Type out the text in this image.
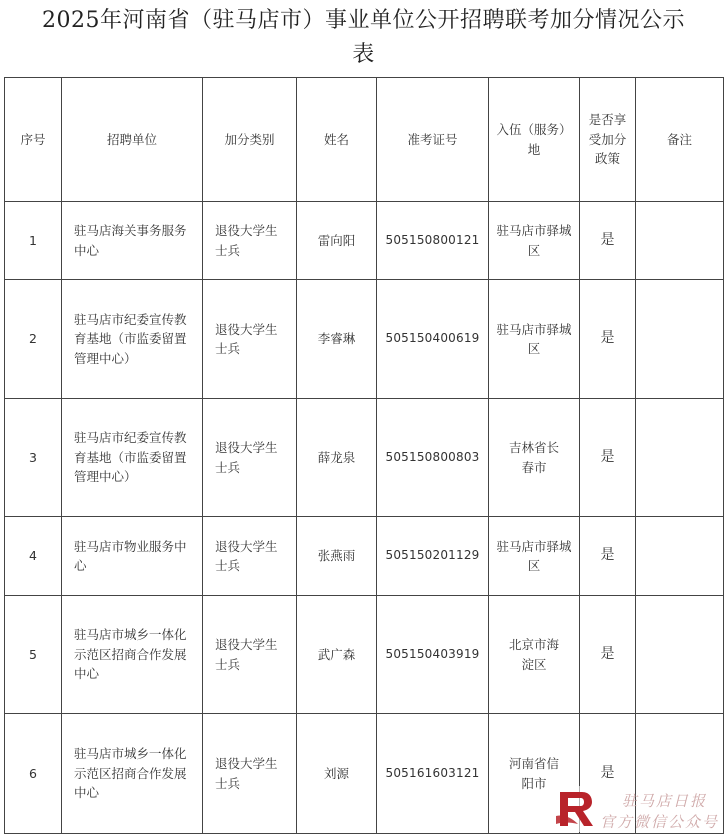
2025年河南省（驻马店市）事业单位公开招聘联考加分情况公示
表
序号	招聘单位	加分类别	姓名	准考证号	入伍（服务）地	是否享受加分政策	备注
1	驻马店海关事务服务中心	退役大学生士兵	雷向阳	505150800121	驻马店市驿城区	是	
2	驻马店市纪委宣传教育基地（市监委留置管理中心）	退役大学生士兵	李睿琳	505150400619	驻马店市驿城区	是	
3	驻马店市纪委宣传教育基地（市监委留置管理中心）	退役大学生士兵	薛龙泉	505150800803	吉林省长春市	是	
4	驻马店市物业服务中心	退役大学生士兵	张燕雨	505150201129	驻马店市驿城区	是	
5	驻马店市城乡一体化示范区招商合作发展中心	退役大学生士兵	武广森	505150403919	北京市海淀区	是	
6	驻马店市城乡一体化示范区招商合作发展中心	退役大学生士兵	刘源	505161603121	河南省信阳市	是	
驻马店日报
官方微信公众号
